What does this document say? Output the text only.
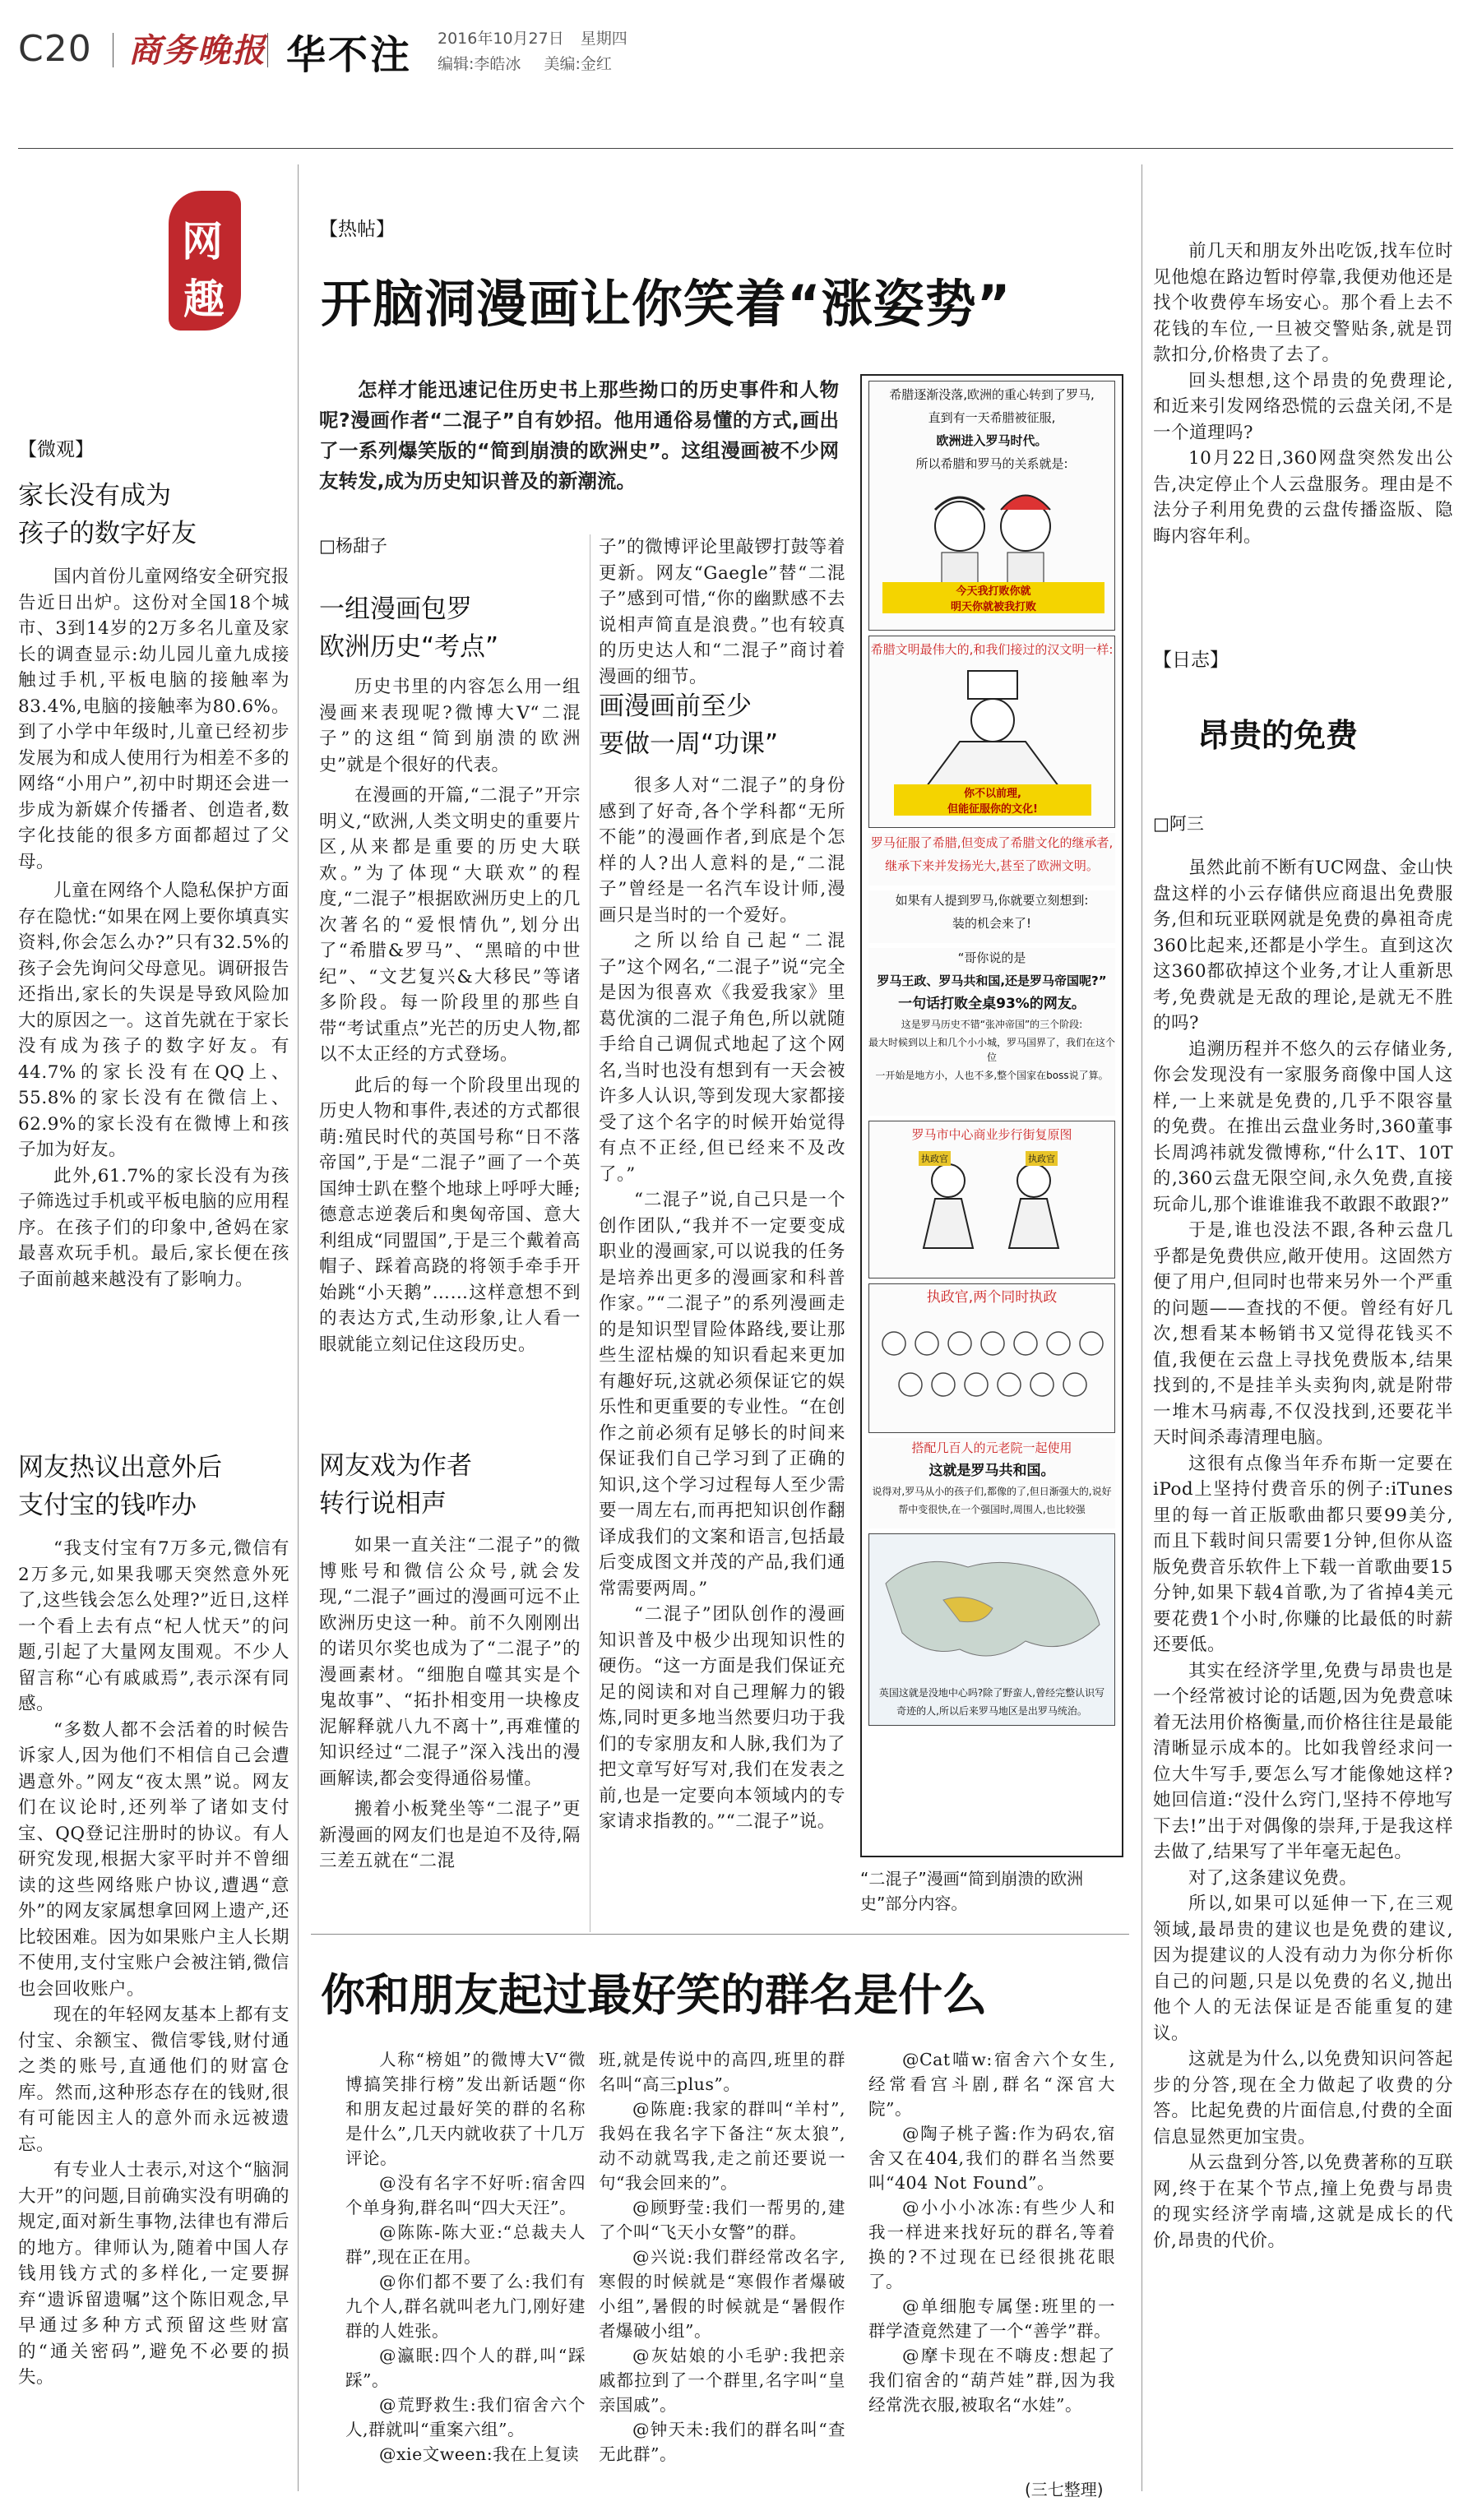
C20 商务晚报 华不注 2016年10月27日 星期四
编辑:李皓冰 美编:金红
网
趣
【微观】
家长没有成为
孩子的数字好友

国内首份儿童网络安全研究报告近日出炉。这份对全国18个城市、3到14岁的2万多名儿童及家长的调查显示:幼儿园儿童九成接触过手机,平板电脑的接触率为83.4%,电脑的接触率为80.6%。到了小学中年级时,儿童已经初步发展为和成人使用行为相差不多的网络“小用户”,初中时期还会进一步成为新媒介传播者、创造者,数字化技能的很多方面都超过了父母。

儿童在网络个人隐私保护方面存在隐忧:“如果在网上要你填真实资料,你会怎么办?”只有32.5%的孩子会先询问父母意见。调研报告还指出,家长的失误是导致风险加大的原因之一。这首先就在于家长没有成为孩子的数字好友。有44.7%的家长没有在QQ上、55.8%的家长没有在微信上、62.9%的家长没有在微博上和孩子加为好友。

此外,61.7%的家长没有为孩子筛选过手机或平板电脑的应用程序。在孩子们的印象中,爸妈在家最喜欢玩手机。最后,家长便在孩子面前越来越没有了影响力。

网友热议出意外后
支付宝的钱咋办

“我支付宝有7万多元,微信有2万多元,如果我哪天突然意外死了,这些钱会怎么处理?”近日,这样一个看上去有点“杞人忧天”的问题,引起了大量网友围观。不少人留言称“心有戚戚焉”,表示深有同感。

“多数人都不会活着的时候告诉家人,因为他们不相信自己会遭遇意外。”网友“夜太黑”说。网友们在议论时,还列举了诸如支付宝、QQ登记注册时的协议。有人研究发现,根据大家平时并不曾细读的这些网络账户协议,遭遇“意外”的网友家属想拿回网上遗产,还比较困难。因为如果账户主人长期不使用,支付宝账户会被注销,微信也会回收账户。

现在的年轻网友基本上都有支付宝、余额宝、微信零钱,财付通之类的账号,直通他们的财富仓库。然而,这种形态存在的钱财,很有可能因主人的意外而永远被遗忘。

有专业人士表示,对这个“脑洞大开”的问题,目前确实没有明确的规定,面对新生事物,法律也有滞后的地方。律师认为,随着中国人存钱用钱方式的多样化,一定要摒弃“遗诉留遗嘱”这个陈旧观念,早早通过多种方式预留这些财富的“通关密码”,避免不必要的损失。

【热帖】
开脑洞漫画让你笑着“涨姿势”
怎样才能迅速记住历史书上那些拗口的历史事件和人物呢?漫画作者“二混子”自有妙招。他用通俗易懂的方式,画出了一系列爆笑版的“简到崩溃的欧洲史”。这组漫画被不少网友转发,成为历史知识普及的新潮流。
□杨甜子
一组漫画包罗
欧洲历史“考点”

历史书里的内容怎么用一组漫画来表现呢?微博大V“二混子”的这组“简到崩溃的欧洲史”就是个很好的代表。

在漫画的开篇,“二混子”开宗明义,“欧洲,人类文明史的重要片区,从来都是重要的历史大联欢。”为了体现“大联欢”的程度,“二混子”根据欧洲历史上的几次著名的“爱恨情仇”,划分出了“希腊&罗马”、“黑暗的中世纪”、“文艺复兴&大移民”等诸多阶段。每一阶段里的那些自带“考试重点”光芒的历史人物,都以不太正经的方式登场。

此后的每一个阶段里出现的历史人物和事件,表述的方式都很萌:殖民时代的英国号称“日不落帝国”,于是“二混子”画了一个英国绅士趴在整个地球上呼呼大睡;德意志逆袭后和奥匈帝国、意大利组成“同盟国”,于是三个戴着高帽子、踩着高跷的将领手牵手开始跳“小天鹅”……这样意想不到的表达方式,生动形象,让人看一眼就能立刻记住这段历史。

网友戏为作者
转行说相声

如果一直关注“二混子”的微博账号和微信公众号,就会发现,“二混子”画过的漫画可远不止欧洲历史这一种。前不久刚刚出的诺贝尔奖也成为了“二混子”的漫画素材。“细胞自噬其实是个鬼故事”、“拓扑相变用一块橡皮泥解释就八九不离十”,再难懂的知识经过“二混子”深入浅出的漫画解读,都会变得通俗易懂。

搬着小板凳坐等“二混子”更新漫画的网友们也是迫不及待,隔三差五就在“二混

子”的微博评论里敲锣打鼓等着更新。网友“Gaegle”替“二混子”感到可惜,“你的幽默感不去说相声简直是浪费。”也有较真的历史达人和“二混子”商讨着漫画的细节。

画漫画前至少
要做一周“功课”

很多人对“二混子”的身份感到了好奇,各个学科都“无所不能”的漫画作者,到底是个怎样的人?出人意料的是,“二混子”曾经是一名汽车设计师,漫画只是当时的一个爱好。

之所以给自己起“二混子”这个网名,“二混子”说“完全是因为很喜欢《我爱我家》里葛优演的二混子角色,所以就随手给自己调侃式地起了这个网名,当时也没有想到有一天会被许多人认识,等到发现大家都接受了这个名字的时候开始觉得有点不正经,但已经来不及改了。”

“二混子”说,自己只是一个创作团队,“我并不一定要变成职业的漫画家,可以说我的任务是培养出更多的漫画家和科普作家。”“二混子”的系列漫画走的是知识型冒险体路线,要让那些生涩枯燥的知识看起来更加有趣好玩,这就必须保证它的娱乐性和更重要的专业性。“在创作之前必须有足够长的时间来保证我们自己学习到了正确的知识,这个学习过程每人至少需要一周左右,而再把知识创作翻译成我们的文案和语言,包括最后变成图文并茂的产品,我们通常需要两周。”

“二混子”团队创作的漫画知识普及中极少出现知识性的硬伤。“这一方面是我们保证充足的阅读和对自己理解力的锻炼,同时更多地当然要归功于我们的专家朋友和人脉,我们为了把文章写好写对,我们在发表之前,也是一定要向本领域内的专家请求指教的。”“二混子”说。

希腊逐渐没落,欧洲的重心转到了罗马,
直到有一天希腊被征服,
欧洲进入罗马时代。
所以希腊和罗马的关系就是:
今天我打败你就
明天你就被我打败
希腊文明最伟大的,和我们接过的汉文明一样:
你不以前理,
但能征服你的文化!
罗马征服了希腊,但变成了希腊文化的继承者,
继承下来并发扬光大,甚至了欧洲文明。
如果有人提到罗马,你就要立刻想到:
装的机会来了!
“哥你说的是
罗马王政、罗马共和国,还是罗马帝国呢?”
一句话打败全桌93%的网友。
这是罗马历史不错“张冲帝国”的三个阶段:
最大时候到以上和几个小小城，罗马国界了，我们在这个位
一开始是地方小，人也不多,整个国家在boss说了算。
罗马市中心商业步行街复原图
执政官	执政官
执政官,两个同时执政
搭配几百人的元老院一起使用
这就是罗马共和国。
说得对,罗马从小的孩子们,都像的了,但日渐强大的,说好
帮中变很快,在一个强国时,周围人,也比较强
英国这就是没地中心吗?除了野蛮人,曾经完整认识写
奇迹的人,所以后来罗马地区是出罗马统治。
“二混子”漫画“简到崩溃的欧洲史”部分内容。

前几天和朋友外出吃饭,找车位时见他熄在路边暂时停靠,我便劝他还是找个收费停车场安心。那个看上去不花钱的车位,一旦被交警贴条,就是罚款扣分,价格贵了去了。

回头想想,这个昂贵的免费理论,和近来引发网络恐慌的云盘关闭,不是一个道理吗?

10月22日,360网盘突然发出公告,决定停止个人云盘服务。理由是不法分子利用免费的云盘传播盗版、隐晦内容年利。

【日志】
昂贵的免费
□阿三

虽然此前不断有UC网盘、金山快盘这样的小云存储供应商退出免费服务,但和玩亚联网就是免费的鼻祖奇虎360比起来,还都是小学生。直到这次这360都砍掉这个业务,才让人重新思考,免费就是无敌的理论,是就无不胜的吗?

追溯历程并不悠久的云存储业务,你会发现没有一家服务商像中国人这样,一上来就是免费的,几乎不限容量的免费。在推出云盘业务时,360董事长周鸿祎就发微博称,“什么1T、10T的,360云盘无限空间,永久免费,直接玩命儿,那个谁谁谁我不敢跟不敢跟?”

于是,谁也没法不跟,各种云盘几乎都是免费供应,敞开使用。这固然方便了用户,但同时也带来另外一个严重的问题——查找的不便。曾经有好几次,想看某本畅销书又觉得花钱买不值,我便在云盘上寻找免费版本,结果找到的,不是挂羊头卖狗肉,就是附带一堆木马病毒,不仅没找到,还要花半天时间杀毒清理电脑。

这很有点像当年乔布斯一定要在iPod上坚持付费音乐的例子:iTunes里的每一首正版歌曲都只要99美分,而且下载时间只需要1分钟,但你从盗版免费音乐软件上下载一首歌曲要15分钟,如果下载4首歌,为了省掉4美元要花费1个小时,你赚的比最低的时薪还要低。

其实在经济学里,免费与昂贵也是一个经常被讨论的话题,因为免费意味着无法用价格衡量,而价格往往是最能清晰显示成本的。比如我曾经求问一位大牛写手,要怎么写才能像她这样?她回信道:“没什么窍门,坚持不停地写下去!”出于对偶像的崇拜,于是我这样去做了,结果写了半年毫无起色。

对了,这条建议免费。

所以,如果可以延伸一下,在三观领域,最昂贵的建议也是免费的建议,因为提建议的人没有动力为你分析你自己的问题,只是以免费的名义,抛出他个人的无法保证是否能重复的建议。

这就是为什么,以免费知识问答起步的分答,现在全力做起了收费的分答。比起免费的片面信息,付费的全面信息显然更加宝贵。

从云盘到分答,以免费著称的互联网,终于在某个节点,撞上免费与昂贵的现实经济学南墙,这就是成长的代价,昂贵的代价。

你和朋友起过最好笑的群名是什么

人称“榜姐”的微博大V“微博搞笑排行榜”发出新话题“你和朋友起过最好笑的群的名称是什么”,几天内就收获了十几万评论。

@没有名字不好听:宿舍四个单身狗,群名叫“四大天汪”。

@陈陈-陈大亚:“总裁夫人群”,现在正在用。

@你们都不要了么:我们有九个人,群名就叫老九门,刚好建群的人姓张。

@瀛眠:四个人的群,叫“踩踩”。

@荒野救生:我们宿舍六个人,群就叫“重案六组”。

@xie文ween:我在上复读

班,就是传说中的高四,班里的群名叫“高三plus”。

@陈鹿:我家的群叫“羊村”,我妈在我名字下备注“灰太狼”,动不动就骂我,走之前还要说一句“我会回来的”。

@顾野莹:我们一帮男的,建了个叫“飞天小女警”的群。

@兴说:我们群经常改名字,寒假的时候就是“寒假作者爆破小组”,暑假的时候就是“暑假作者爆破小组”。

@灰姑娘的小毛驴:我把亲戚都拉到了一个群里,名字叫“皇亲国戚”。

@钟天未:我们的群名叫“查无此群”。

@Cat喵w:宿舍六个女生,经常看宫斗剧,群名“深宫大院”。

@陶子桃子酱:作为码农,宿舍又在404,我们的群名当然要叫“404 Not Found”。

@小小小冰冻:有些少人和我一样进来找好玩的群名,等着换的?不过现在已经很挑花眼了。

@单细胞专属堡:班里的一群学渣竟然建了一个“善学”群。

@摩卡现在不嗨皮:想起了我们宿舍的“葫芦娃”群,因为我经常洗衣服,被取名“水娃”。

(三七整理)
